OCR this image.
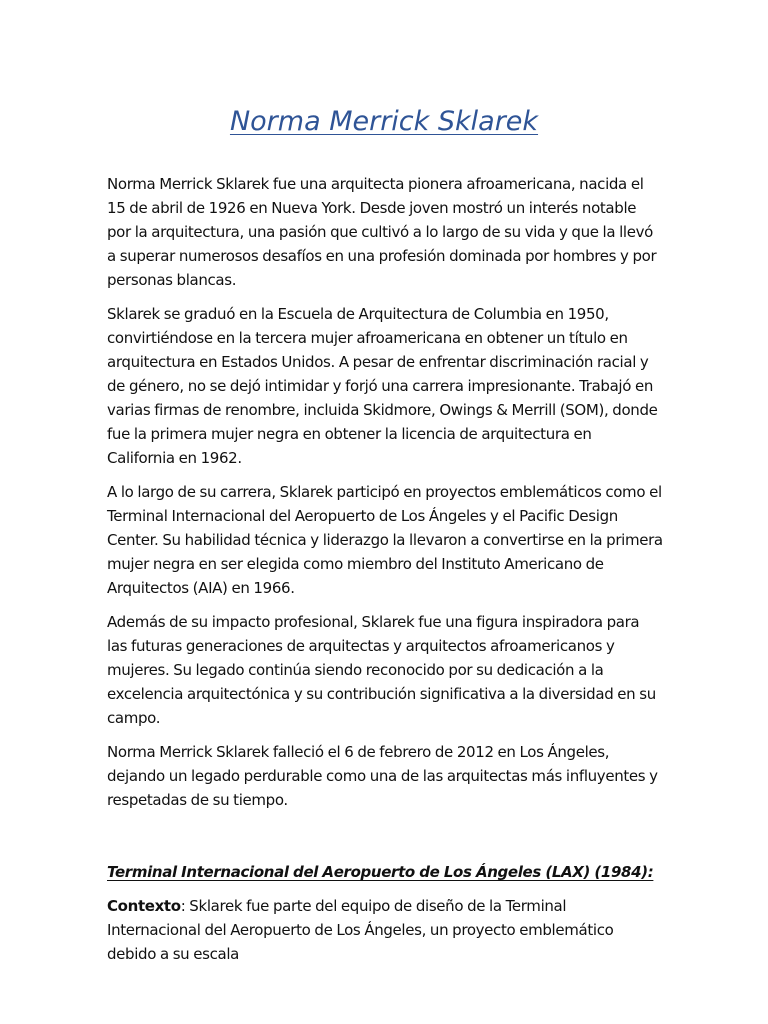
Norma Merrick Sklarek

Norma Merrick Sklarek fue una arquitecta pionera afroamericana, nacida el 15 de abril de 1926 en Nueva York. Desde joven mostró un interés notable por la arquitectura, una pasión que cultivó a lo largo de su vida y que la llevó a superar numerosos desafíos en una profesión dominada por hombres y por personas blancas.

Sklarek se graduó en la Escuela de Arquitectura de Columbia en 1950, convirtiéndose en la tercera mujer afroamericana en obtener un título en arquitectura en Estados Unidos. A pesar de enfrentar discriminación racial y de género, no se dejó intimidar y forjó una carrera impresionante. Trabajó en varias firmas de renombre, incluida Skidmore, Owings & Merrill (SOM), donde fue la primera mujer negra en obtener la licencia de arquitectura en California en 1962.

A lo largo de su carrera, Sklarek participó en proyectos emblemáticos como el Terminal Internacional del Aeropuerto de Los Ángeles y el Pacific Design Center. Su habilidad técnica y liderazgo la llevaron a convertirse en la primera mujer negra en ser elegida como miembro del Instituto Americano de Arquitectos (AIA) en 1966.

Además de su impacto profesional, Sklarek fue una figura inspiradora para las futuras generaciones de arquitectas y arquitectos afroamericanos y mujeres. Su legado continúa siendo reconocido por su dedicación a la excelencia arquitectónica y su contribución significativa a la diversidad en su campo.

Norma Merrick Sklarek falleció el 6 de febrero de 2012 en Los Ángeles, dejando un legado perdurable como una de las arquitectas más influyentes y respetadas de su tiempo.

Terminal Internacional del Aeropuerto de Los Ángeles (LAX) (1984):

Contexto: Sklarek fue parte del equipo de diseño de la Terminal Internacional del Aeropuerto de Los Ángeles, un proyecto emblemático debido a su escala
